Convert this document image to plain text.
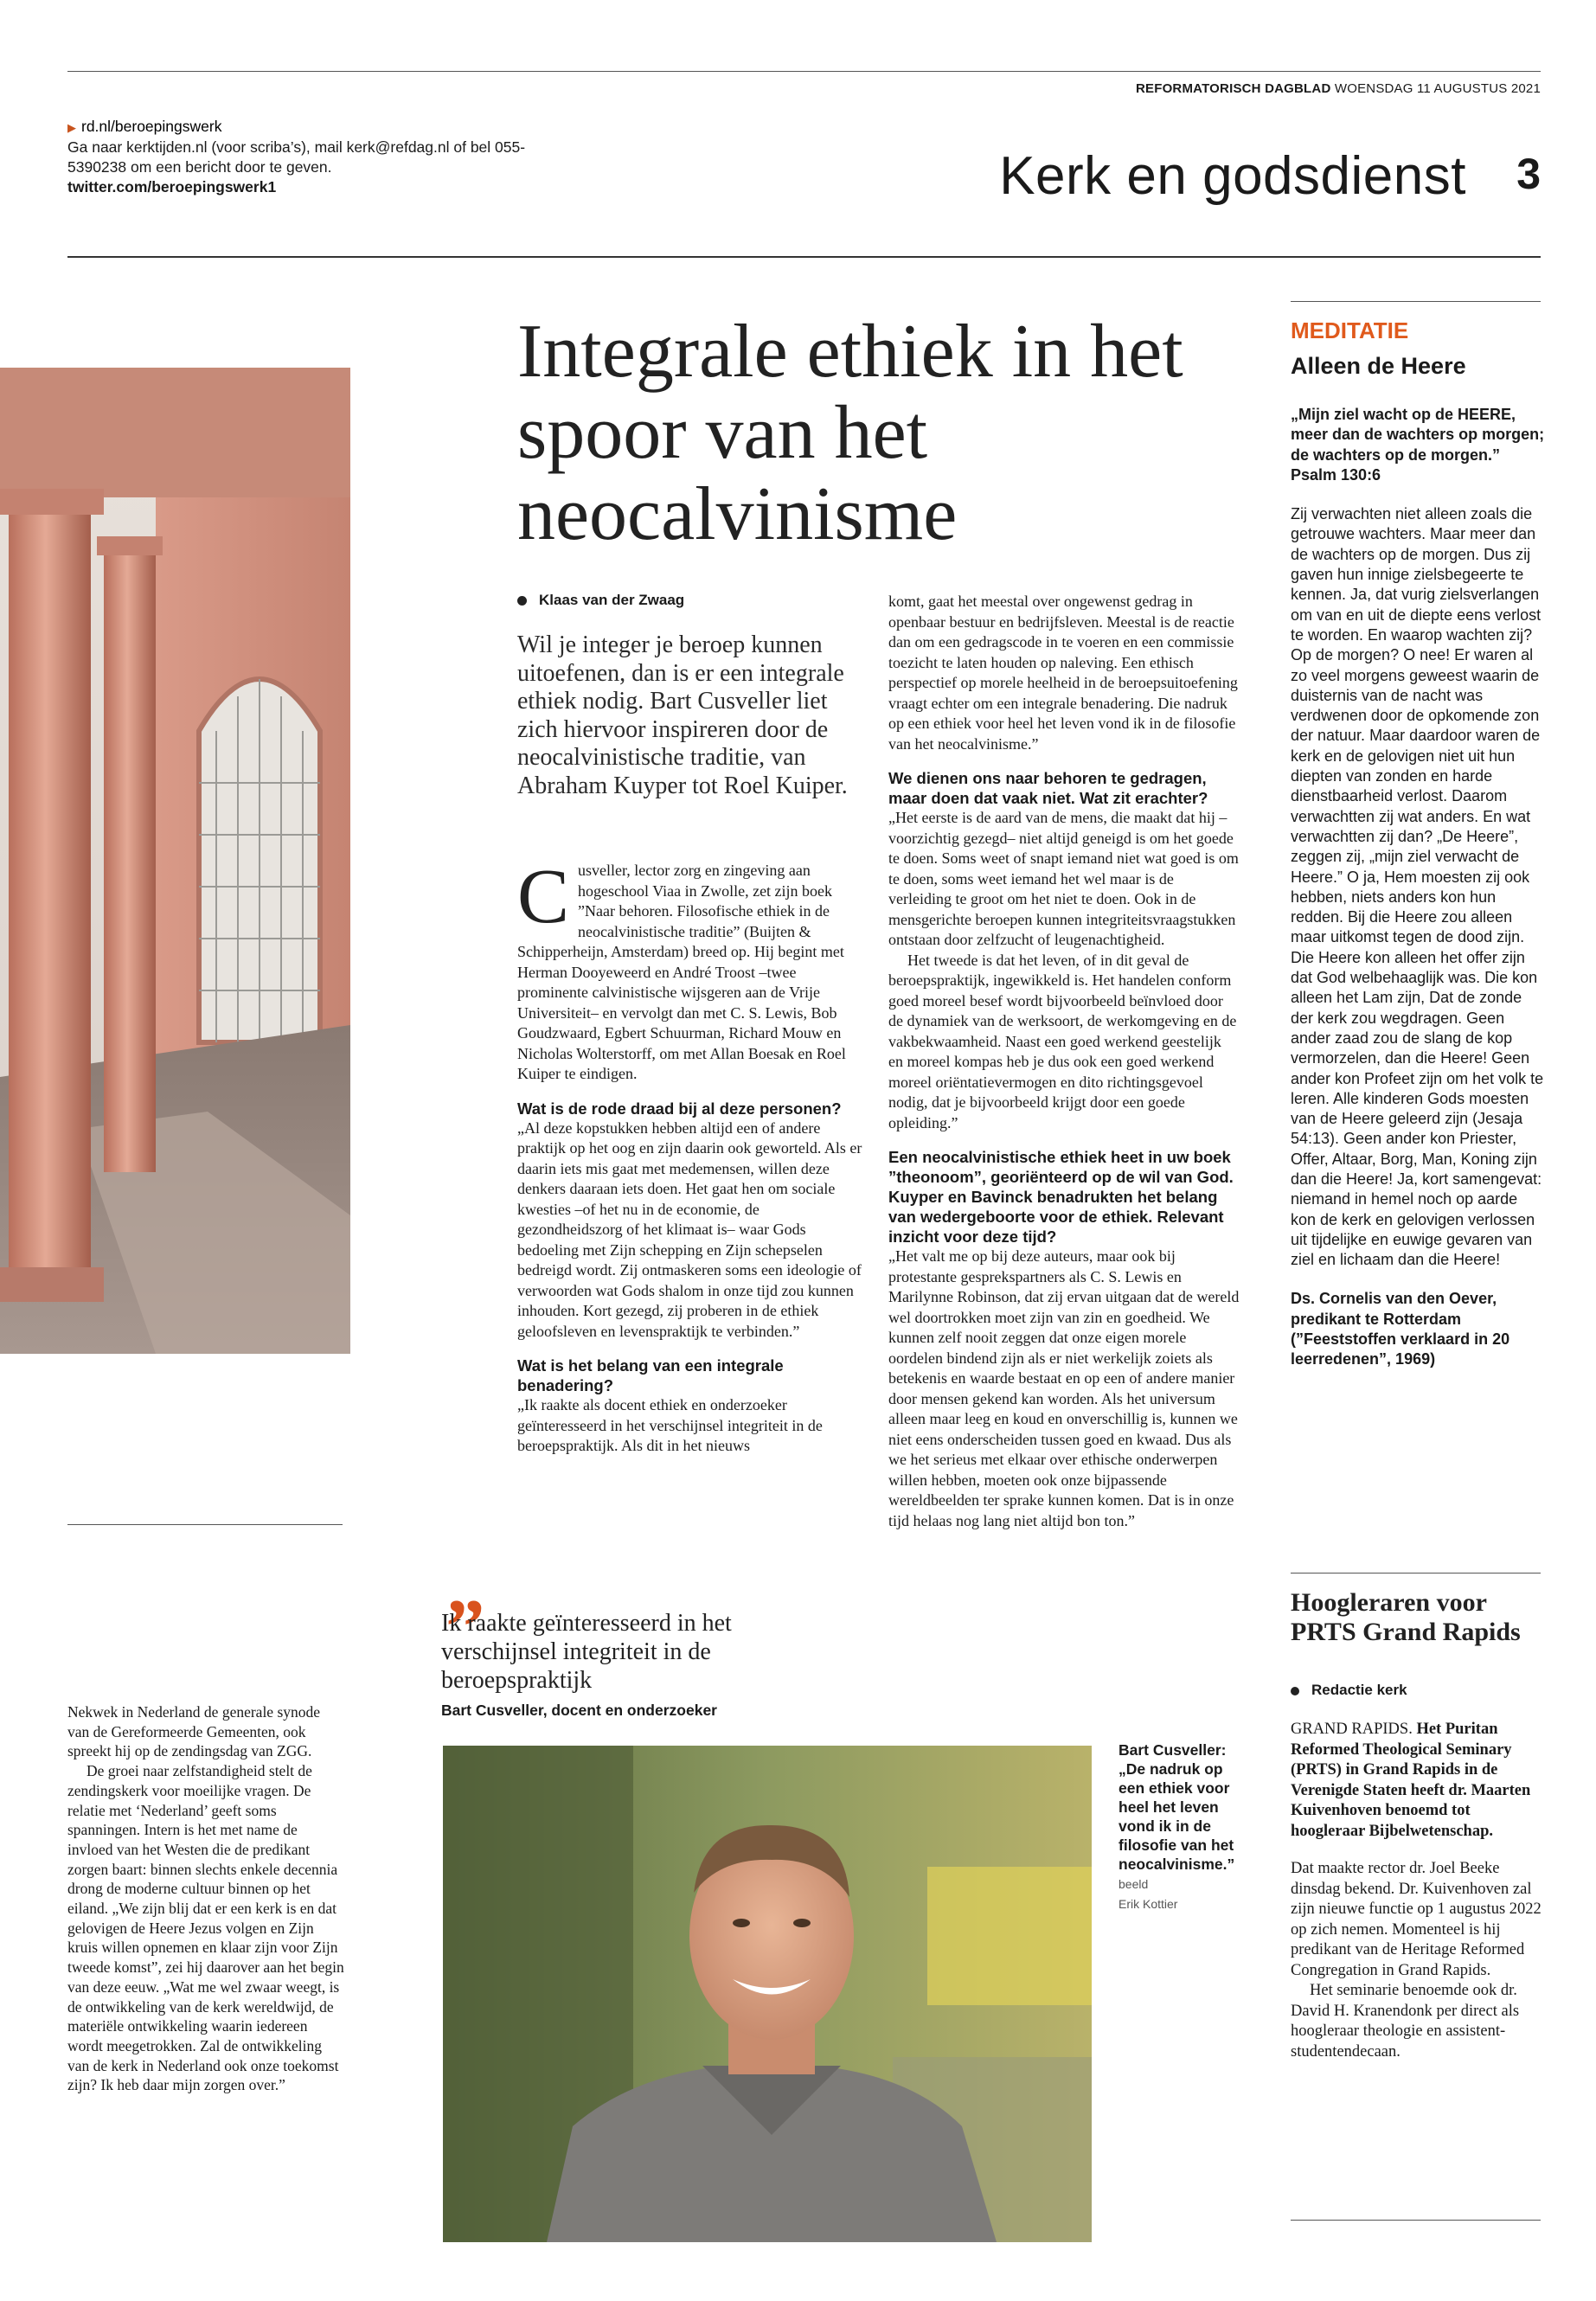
REFORMATORISCH DAGBLAD WOENSDAG 11 AUGUSTUS 2021
▶ rd.nl/beroepingswerk
Ga naar kerktijden.nl (voor scriba’s), mail kerk@refdag.nl of bel 055-5390238 om een bericht door te geven.
twitter.com/beroepingswerk1	Kerk en godsdienst 3

Nekwek in Nederland de generale synode van de Gereformeerde Gemeenten, ook spreekt hij op de zendingsdag van ZGG.

De groei naar zelfstandigheid stelt de zendingskerk voor moeilijke vragen. De relatie met ‘Nederland’ geeft soms spanningen. Intern is het met name de invloed van het Westen die de predikant zorgen baart: binnen slechts enkele decennia drong de moderne cultuur binnen op het eiland. „We zijn blij dat er een kerk is en dat gelovigen de Heere Jezus volgen en Zijn kruis willen opnemen en klaar zijn voor Zijn tweede komst”, zei hij daarover aan het begin van deze eeuw. „Wat me wel zwaar weegt, is de ontwikkeling van de kerk wereldwijd, de materiële ontwikkeling waarin iedereen wordt meegetrokken. Zal de ontwikkeling van de kerk in Nederland ook onze toekomst zijn? Ik heb daar mijn zorgen over.”

Integrale ethiek in het spoor van het neocalvinisme
Klaas van der Zwaag
Wil je integer je beroep kunnen uitoefenen, dan is er een integrale ethiek nodig. Bart Cusveller liet zich hiervoor inspireren door de neocalvinistische traditie, van Abraham Kuyper tot Roel Kuiper.

Cusveller, lector zorg en zingeving aan hogeschool Viaa in Zwolle, zet zijn boek ”Naar behoren. Filosofische ethiek in de neocalvinistische traditie” (Buijten & Schipperheijn, Amsterdam) breed op. Hij begint met Herman Dooyeweerd en André Troost –twee prominente calvinistische wijsgeren aan de Vrije Universiteit– en vervolgt dan met C. S. Lewis, Bob Goudzwaard, Egbert Schuurman, Richard Mouw en Nicholas Wolterstorff, om met Allan Boesak en Roel Kuiper te eindigen.

Wat is de rode draad bij al deze personen?

„Al deze kopstukken hebben altijd een of andere praktijk op het oog en zijn daarin ook geworteld. Als er daarin iets mis gaat met medemensen, willen deze denkers daaraan iets doen. Het gaat hen om sociale kwesties –of het nu in de economie, de gezondheidszorg of het klimaat is– waar Gods bedoeling met Zijn schepping en Zijn schepselen bedreigd wordt. Zij ontmaskeren soms een ideologie of verwoorden wat Gods shalom in onze tijd zou kunnen inhouden. Kort gezegd, zij proberen in de ethiek geloofsleven en levenspraktijk te verbinden.”

Wat is het belang van een integrale benadering?

„Ik raakte als docent ethiek en onderzoeker geïnteresseerd in het verschijnsel integriteit in de beroepspraktijk. Als dit in het nieuws

komt, gaat het meestal over ongewenst gedrag in openbaar bestuur en bedrijfsleven. Meestal is de reactie dan om een gedragscode in te voeren en een commissie toezicht te laten houden op naleving. Een ethisch perspectief op morele heelheid in de beroepsuitoefening vraagt echter om een integrale benadering. Die nadruk op een ethiek voor heel het leven vond ik in de filosofie van het neocalvinisme.”

We dienen ons naar behoren te gedragen, maar doen dat vaak niet. Wat zit erachter?

„Het eerste is de aard van de mens, die maakt dat hij –voorzichtig gezegd– niet altijd geneigd is om het goede te doen. Soms weet of snapt iemand niet wat goed is om te doen, soms weet iemand het wel maar is de verleiding te groot om het niet te doen. Ook in de mensgerichte beroepen kunnen integriteitsvraagstukken ontstaan door zelfzucht of leugenachtigheid.

Het tweede is dat het leven, of in dit geval de beroepspraktijk, ingewikkeld is. Het handelen conform goed moreel besef wordt bijvoorbeeld beïnvloed door de dynamiek van de werksoort, de werkomgeving en de vakbekwaamheid. Naast een goed werkend geestelijk en moreel kompas heb je dus ook een goed werkend moreel oriëntatievermogen en dito richtingsgevoel nodig, dat je bijvoorbeeld krijgt door een goede opleiding.”

Een neocalvinistische ethiek heet in uw boek ”theonoom”, georiënteerd op de wil van God. Kuyper en Bavinck benadrukten het belang van wedergeboorte voor de ethiek. Relevant inzicht voor deze tijd?

„Het valt me op bij deze auteurs, maar ook bij protestante gesprekspartners als C. S. Lewis en Marilynne Robinson, dat zij ervan uitgaan dat de wereld wel doortrokken moet zijn van zin en goedheid. We kunnen zelf nooit zeggen dat onze eigen morele oordelen bindend zijn als er niet werkelijk zoiets als betekenis en waarde bestaat en op een of andere manier door mensen gekend kan worden. Als het universum alleen maar leeg en koud en onverschillig is, kunnen we niet eens onderscheiden tussen goed en kwaad. Dus als we het serieus met elkaar over ethische onderwerpen willen hebben, moeten ook onze bijpassende wereldbeelden ter sprake kunnen komen. Dat is in onze tijd helaas nog lang niet altijd bon ton.”

„
Ik raakte geïnteresseerd in het verschijnsel integriteit in de beroepspraktijk
Bart Cusveller, docent en onderzoeker
Bart Cusveller: „De nadruk op een ethiek voor heel het leven vond ik in de filosofie van het neocalvinisme.” beeld
Erik Kottier
MEDITATIE
Alleen de Heere

„Mijn ziel wacht op de HEERE, meer dan de wachters op morgen; de wachters op de morgen.”
Psalm 130:6

Zij verwachten niet alleen zoals die getrouwe wachters. Maar meer dan de wachters op de morgen. Dus zij gaven hun innige zielsbegeerte te kennen. Ja, dat vurig zielsverlangen om van en uit de diepte eens verlost te worden. En waarop wachten zij? Op de morgen? O nee! Er waren al zo veel morgens geweest waarin de duisternis van de nacht was verdwenen door de opkomende zon der natuur. Maar daardoor waren de kerk en de gelovigen niet uit hun diepten van zonden en harde dienstbaarheid verlost. Daarom verwachtten zij wat anders. En wat verwachtten zij dan? „De Heere”, zeggen zij, „mijn ziel verwacht de Heere.” O ja, Hem moesten zij ook hebben, niets anders kon hun redden. Bij die Heere zou alleen maar uitkomst tegen de dood zijn. Die Heere kon alleen het offer zijn dat God welbehaaglijk was. Die kon alleen het Lam zijn, Dat de zonde der kerk zou wegdragen. Geen ander zaad zou de slang de kop vermorzelen, dan die Heere! Geen ander kon Profeet zijn om het volk te leren. Alle kinderen Gods moesten van de Heere geleerd zijn (Jesaja 54:13). Geen ander kon Priester, Offer, Altaar, Borg, Man, Koning zijn dan die Heere! Ja, kort samengevat: niemand in hemel noch op aarde kon de kerk en gelovigen verlossen uit tijdelijke en euwige gevaren van ziel en lichaam dan die Heere!

Ds. Cornelis van den Oever, predikant te Rotterdam (”Feeststoffen verklaard in 20 leerredenen”, 1969)

Hoogleraren voor PRTS Grand Rapids
Redactie kerk

GRAND RAPIDS. Het Puritan Reformed Theological Seminary (PRTS) in Grand Rapids in de Verenigde Staten heeft dr. Maarten Kuivenhoven benoemd tot hoogleraar Bijbelwetenschap.

Dat maakte rector dr. Joel Beeke dinsdag bekend. Dr. Kuivenhoven zal zijn nieuwe functie op 1 augustus 2022 op zich nemen. Momenteel is hij predikant van de Heritage Reformed Congregation in Grand Rapids.

Het seminarie benoemde ook dr. David H. Kranendonk per direct als hoogleraar theologie en assistent-studentendecaan.
